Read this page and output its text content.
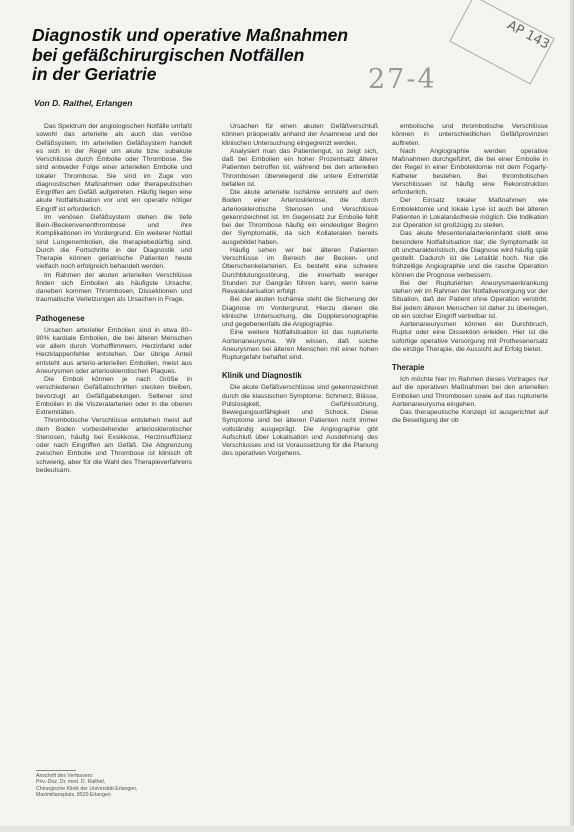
Diagnostik und operative Maßnahmen
bei gefäßchirurgischen Notfällen
in der Geriatrie	27-4
AP 143
Von D. Raithel, Erlangen

Das Spektrum der angiologischen Notfälle umfaßt sowohl das arterielle als auch das venöse Gefäßsystem. Im arteriellen Gefäßsystem handelt es sich in der Regel um akute bzw. subakute Verschlüsse durch Embolie oder Thrombose. Sie sind entweder Folge einer arteriellen Embolie und lokaler Thrombose. Sie sind im Zuge von diagnostischen Maßnahmen oder therapeutischen Eingriffen am Gefäß aufgetreten. Häufig liegen eine akute Notfallsituation vor und ein operativ nötiger Eingriff ist erforderlich.

Im venösen Gefäßsystem stehen die tiefe Bein-/Beckenvenenthrombose und ihre Komplikationen im Vordergrund. Ein weiterer Notfall sind Lungenembolien, die therapiebedürftig sind. Durch die Fortschritte in der Diagnostik und Therapie können geriatrische Patienten heute vielfach noch erfolgreich behandelt werden.

Im Rahmen der akuten arteriellen Verschlüsse finden sich Embolien als häufigste Ursache; daneben kommen Thrombosen, Dissektionen und traumatische Verletzungen als Ursachen in Frage.

Pathogenese

Ursachen arterieller Embolien sind in etwa 80–90% kardiale Embolien, die bei älteren Menschen vor allem durch Vorhofflimmern, Herzinfarkt oder Herzklappenfehler entstehen. Der übrige Anteil entsteht aus arterio-arteriellen Embolien, meist aus Aneurysmen oder arteriosklerotischen Plaques.

Die Emboli können je nach Größe in verschiedenen Gefäßabschnitten stecken bleiben, bevorzugt an Gefäßgabelungen. Seltener sind Embolien in die Viszeralarterien oder in die oberen Extremitäten.

Thrombotische Verschlüsse entstehen meist auf dem Boden vorbestehender arteriosklerotischer Stenosen, häufig bei Exsikkose, Herzinsuffizienz oder nach Eingriffen am Gefäß. Die Abgrenzung zwischen Embolie und Thrombose ist klinisch oft schwierig, aber für die Wahl des Therapieverfahrens bedeutsam.

Ursachen für einen akuten Gefäßverschluß können präoperativ anhand der Anamnese und der klinischen Untersuchung eingegrenzt werden.

Analysiert man das Patientengut, so zeigt sich, daß bei Embolien ein hoher Prozentsatz älterer Patienten betroffen ist, während bei den arteriellen Thrombosen überwiegend die untere Extremität befallen ist.

Die akute arterielle Ischämie entsteht auf dem Boden einer Arteriosklerose, die durch arteriosklerotische Stenosen und Verschlüsse gekennzeichnet ist. Im Gegensatz zur Embolie fehlt bei der Thrombose häufig ein eindeutiger Beginn der Symptomatik, da sich Kollateralen bereits ausgebildet haben.

Häufig sehen wir bei älteren Patienten Verschlüsse im Bereich der Becken- und Oberschenkelarterien. Es besteht eine schwere Durchblutungsstörung, die innerhalb weniger Stunden zur Gangrän führen kann, wenn keine Revaskularisation erfolgt.

Bei der akuten Ischämie steht die Sicherung der Diagnose im Vordergrund. Hierzu dienen die klinische Untersuchung, die Dopplersonographie und gegebenenfalls die Angiographie.

Eine weitere Notfallsituation ist das rupturierte Aortenaneurysma. Wir wissen, daß solche Aneurysmen bei älteren Menschen mit einer hohen Rupturgefahr behaftet sind.

Klinik und Diagnostik

Die akute Gefäßverschlüsse sind gekennzeichnet durch die klassischen Symptome: Schmerz, Blässe, Pulslosigkeit, Gefühlsstörung, Bewegungsunfähigkeit und Schock. Diese Symptome sind bei älteren Patienten nicht immer vollständig ausgeprägt. Die Angiographie gibt Aufschluß über Lokalisation und Ausdehnung des Verschlusses und ist Voraussetzung für die Planung des operativen Vorgehens.

embolische und thrombotische Verschlüsse können in unterschiedlichen Gefäßprovinzen auftreten.

Nach Angiographie werden operative Maßnahmen durchgeführt, die bei einer Embolie in der Regel in einer Embolektomie mit dem Fogarty-Katheter bestehen. Bei thrombotischen Verschlüssen ist häufig eine Rekonstruktion erforderlich.

Der Einsatz lokaler Maßnahmen wie Embolektomie und lokale Lyse ist auch bei älteren Patienten in Lokalanästhesie möglich. Die Indikation zur Operation ist großzügig zu stellen.

Das akute Mesenterialarterieninfarkt stellt eine besondere Notfallsituation dar; die Symptomatik ist oft uncharakteristisch, die Diagnose wird häufig spät gestellt. Dadurch ist die Letalität hoch. Nur die frühzeitige Angiographie und die rasche Operation können die Prognose verbessern.

Bei der Rupturierten Aneurysmaerkrankung stehen wir im Rahmen der Notfallversorgung vor der Situation, daß der Patient ohne Operation verstirbt. Bei jedem älteren Menschen ist daher zu überlegen, ob ein solcher Eingriff vertretbar ist.

Aortenaneurysmen können ein Durchbruch, Ruptur oder eine Dissektion erleiden. Hier ist die sofortige operative Versorgung mit Prothesenersatz die einzige Therapie, die Aussicht auf Erfolg bietet.

Therapie

Ich möchte hier im Rahmen dieses Vortrages nur auf die operativen Maßnahmen bei den arteriellen Embolien und Thrombosen sowie auf das rupturierte Aortenaneurysma eingehen.

Das therapeutische Konzept ist ausgerichtet auf die Beseitigung der ob

Anschrift des Verfassers:
Priv.-Doz. Dr. med. D. Raithel,
Chirurgische Klinik der Universität Erlangen,
Maximiliansplatz, 8520 Erlangen
